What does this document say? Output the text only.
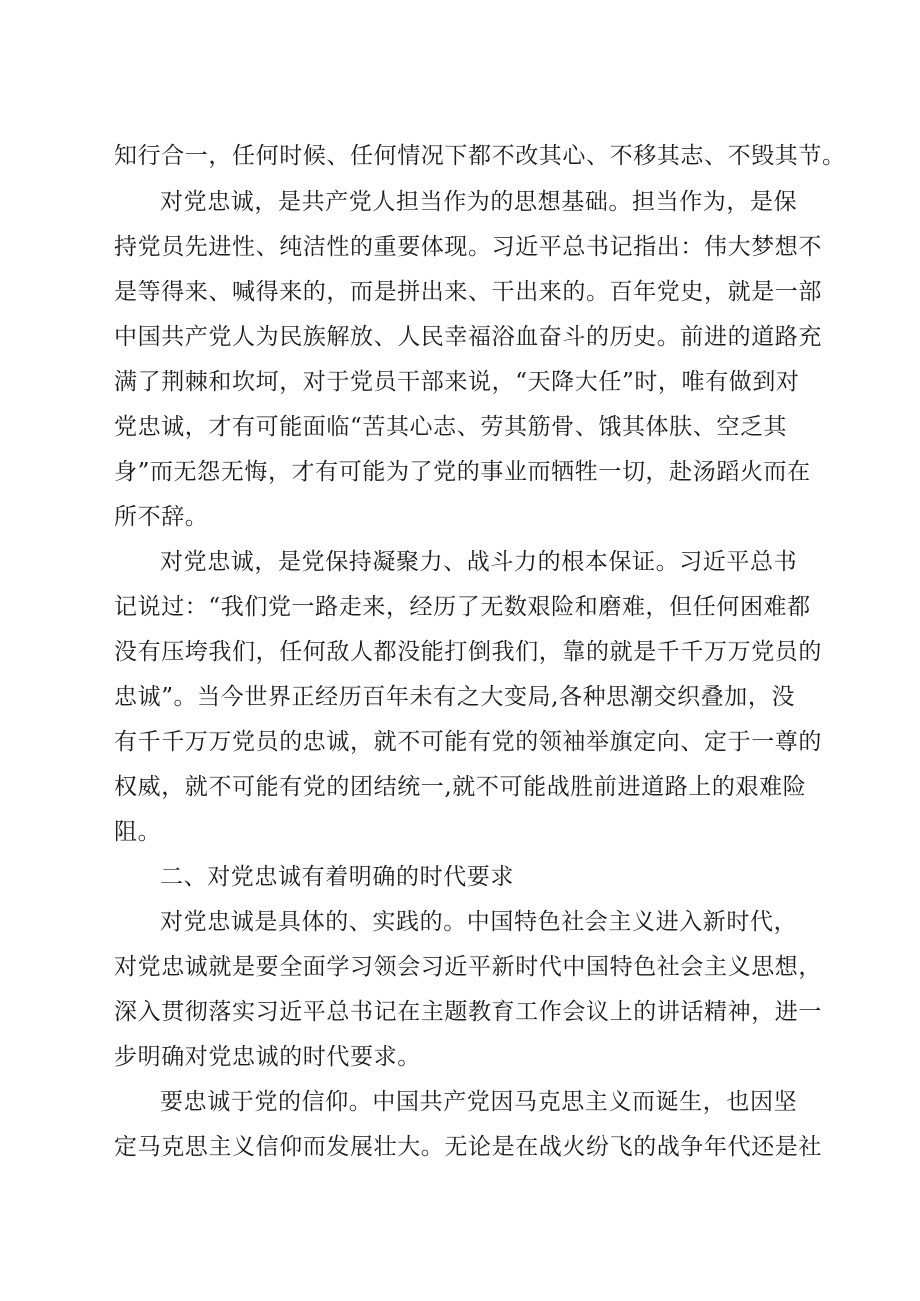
知行合一，任何时候、任何情况下都不改其心、不移其志、不毁其节。
对党忠诚，是共产党人担当作为的思想基础。担当作为，是保
持党员先进性、纯洁性的重要体现。习近平总书记指出：伟大梦想不
是等得来、喊得来的，而是拼出来、干出来的。百年党史，就是一部
中国共产党人为民族解放、人民幸福浴血奋斗的历史。前进的道路充
满了荆棘和坎坷，对于党员干部来说，“天降大任”时，唯有做到对
党忠诚，才有可能面临“苦其心志、劳其筋骨、饿其体肤、空乏其
身”而无怨无悔，才有可能为了党的事业而牺牲一切，赴汤蹈火而在
所不辞。
对党忠诚，是党保持凝聚力、战斗力的根本保证。习近平总书
记说过：“我们党一路走来，经历了无数艰险和磨难，但任何困难都
没有压垮我们，任何敌人都没能打倒我们，靠的就是千千万万党员的
忠诚”。当今世界正经历百年未有之大变局,各种思潮交织叠加，没
有千千万万党员的忠诚，就不可能有党的领袖举旗定向、定于一尊的
权威，就不可能有党的团结统一,就不可能战胜前进道路上的艰难险
阻。
二、对党忠诚有着明确的时代要求
对党忠诚是具体的、实践的。中国特色社会主义进入新时代，
对党忠诚就是要全面学习领会习近平新时代中国特色社会主义思想，
深入贯彻落实习近平总书记在主题教育工作会议上的讲话精神，进一
步明确对党忠诚的时代要求。
要忠诚于党的信仰。中国共产党因马克思主义而诞生，也因坚
定马克思主义信仰而发展壮大。无论是在战火纷飞的战争年代还是社
